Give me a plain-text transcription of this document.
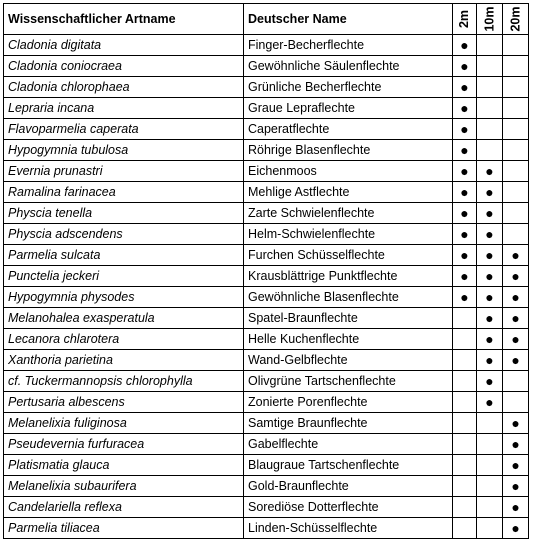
Wissenschaftlicher Artname	Deutscher Name	2m	10m	20m
Cladonia digitata	Finger-Becherflechte	●		
Cladonia coniocraea	Gewöhnliche Säulenflechte	●		
Cladonia chlorophaea	Grünliche Becherflechte	●		
Lepraria incana	Graue Lepraflechte	●		
Flavoparmelia caperata	Caperatflechte	●		
Hypogymnia tubulosa	Röhrige Blasenflechte	●		
Evernia prunastri	Eichenmoos	●	●	
Ramalina farinacea	Mehlige Astflechte	●	●	
Physcia tenella	Zarte Schwielenflechte	●	●	
Physcia adscendens	Helm-Schwielenflechte	●	●	
Parmelia sulcata	Furchen Schüsselflechte	●	●	●
Punctelia jeckeri	Krausblättrige Punktflechte	●	●	●
Hypogymnia physodes	Gewöhnliche Blasenflechte	●	●	●
Melanohalea exasperatula	Spatel-Braunflechte		●	●
Lecanora chlarotera	Helle Kuchenflechte		●	●
Xanthoria parietina	Wand-Gelbflechte		●	●
cf. Tuckermannopsis chlorophylla	Olivgrüne Tartschenflechte		●	
Pertusaria albescens	Zonierte Porenflechte		●	
Melanelixia fuliginosa	Samtige Braunflechte			●
Pseudevernia furfuracea	Gabelflechte			●
Platismatia glauca	Blaugraue Tartschenflechte			●
Melanelixia subaurifera	Gold-Braunflechte			●
Candelariella reflexa	Sorediöse Dotterflechte			●
Parmelia tiliacea	Linden-Schüsselflechte			●
